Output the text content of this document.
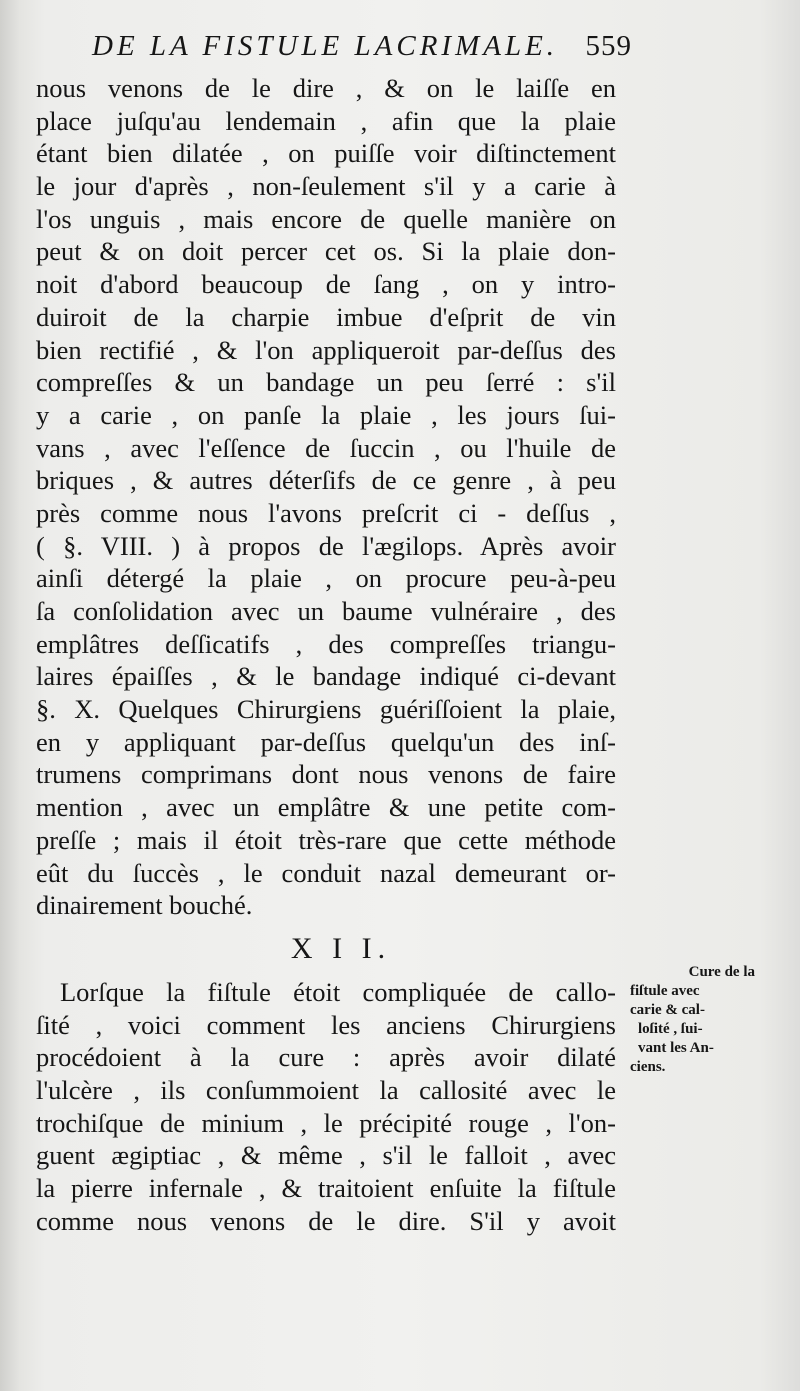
DE LA FISTULE LACRIMALE. 559
nous venons de le dire , & on le laiſſe en
place juſqu'au lendemain , afin que la plaie
étant bien dilatée , on puiſſe voir diſtinctement
le jour d'après , non-ſeulement s'il y a carie à
l'os unguis , mais encore de quelle manière on
peut & on doit percer cet os. Si la plaie don-
noit d'abord beaucoup de ſang , on y intro-
duiroit de la charpie imbue d'eſprit de vin
bien rectifié , & l'on appliqueroit par-deſſus des
compreſſes & un bandage un peu ſerré : s'il
y a carie , on panſe la plaie , les jours ſui-
vans , avec l'eſſence de ſuccin , ou l'huile de
briques , & autres déterſifs de ce genre , à peu
près comme nous l'avons preſcrit ci - deſſus ,
( §. VIII. ) à propos de l'ægilops. Après avoir
ainſi détergé la plaie , on procure peu-à-peu
ſa conſolidation avec un baume vulnéraire , des
emplâtres deſſicatifs , des compreſſes triangu-
laires épaiſſes , & le bandage indiqué ci-devant
§. X. Quelques Chirurgiens guériſſoient la plaie,
en y appliquant par-deſſus quelqu'un des inſ-
trumens comprimans dont nous venons de faire
mention , avec un emplâtre & une petite com-
preſſe ; mais il étoit très-rare que cette méthode
eût du ſuccès , le conduit nazal demeurant or-
dinairement bouché.
X I I.
Lorſque la fiſtule étoit compliquée de callo-
ſité , voici comment les anciens Chirurgiens
procédoient à la cure : après avoir dilaté
l'ulcère , ils conſummoient la callosité avec le
trochiſque de minium , le précipité rouge , l'on-
guent ægiptiac , & même , s'il le falloit , avec
la pierre infernale , & traitoient enſuite la fiſtule
comme nous venons de le dire. S'il y avoit
Cure de la
fiſtule avec
carie & cal-
loſité , ſui-
vant les An-
ciens.
